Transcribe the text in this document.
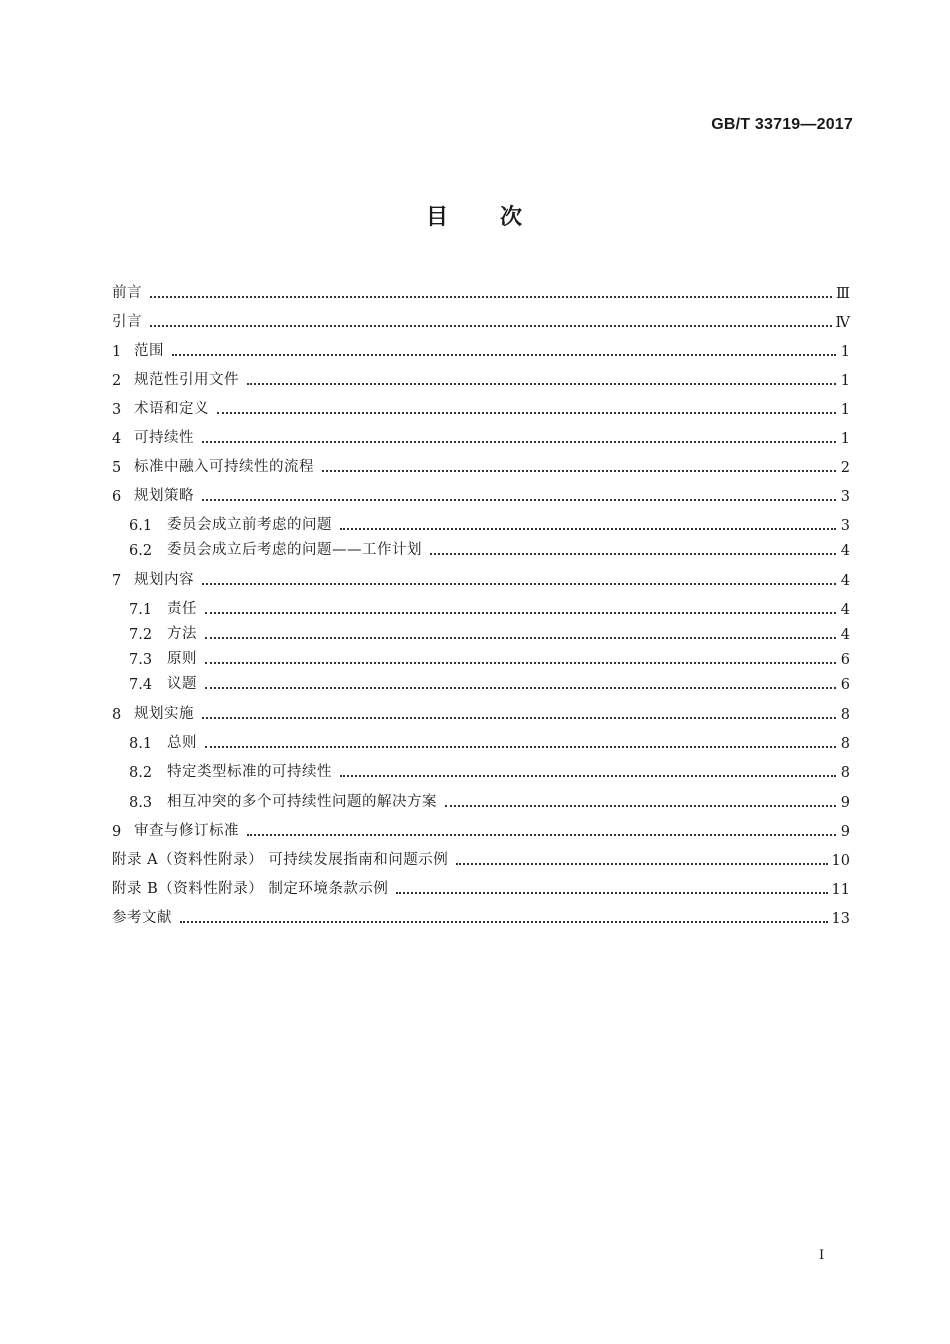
GB/T 33719—2017
目 次
前言	Ⅲ
引言	Ⅳ
1 范围	1
2 规范性引用文件	1
3 术语和定义	1
4 可持续性	1
5 标准中融入可持续性的流程	2
6 规划策略	3
6.1	委员会成立前考虑的问题	3
6.2	委员会成立后考虑的问题——工作计划	4
7 规划内容	4
7.1	责任	4
7.2	方法	4
7.3	原则	6
7.4	议题	6
8 规划实施	8
8.1	总则	8
8.2	特定类型标准的可持续性	8
8.3	相互冲突的多个可持续性问题的解决方案	9
9 审查与修订标准	9
附录 A（资料性附录） 可持续发展指南和问题示例	10
附录 B（资料性附录） 制定环境条款示例	11
参考文献	13
I
